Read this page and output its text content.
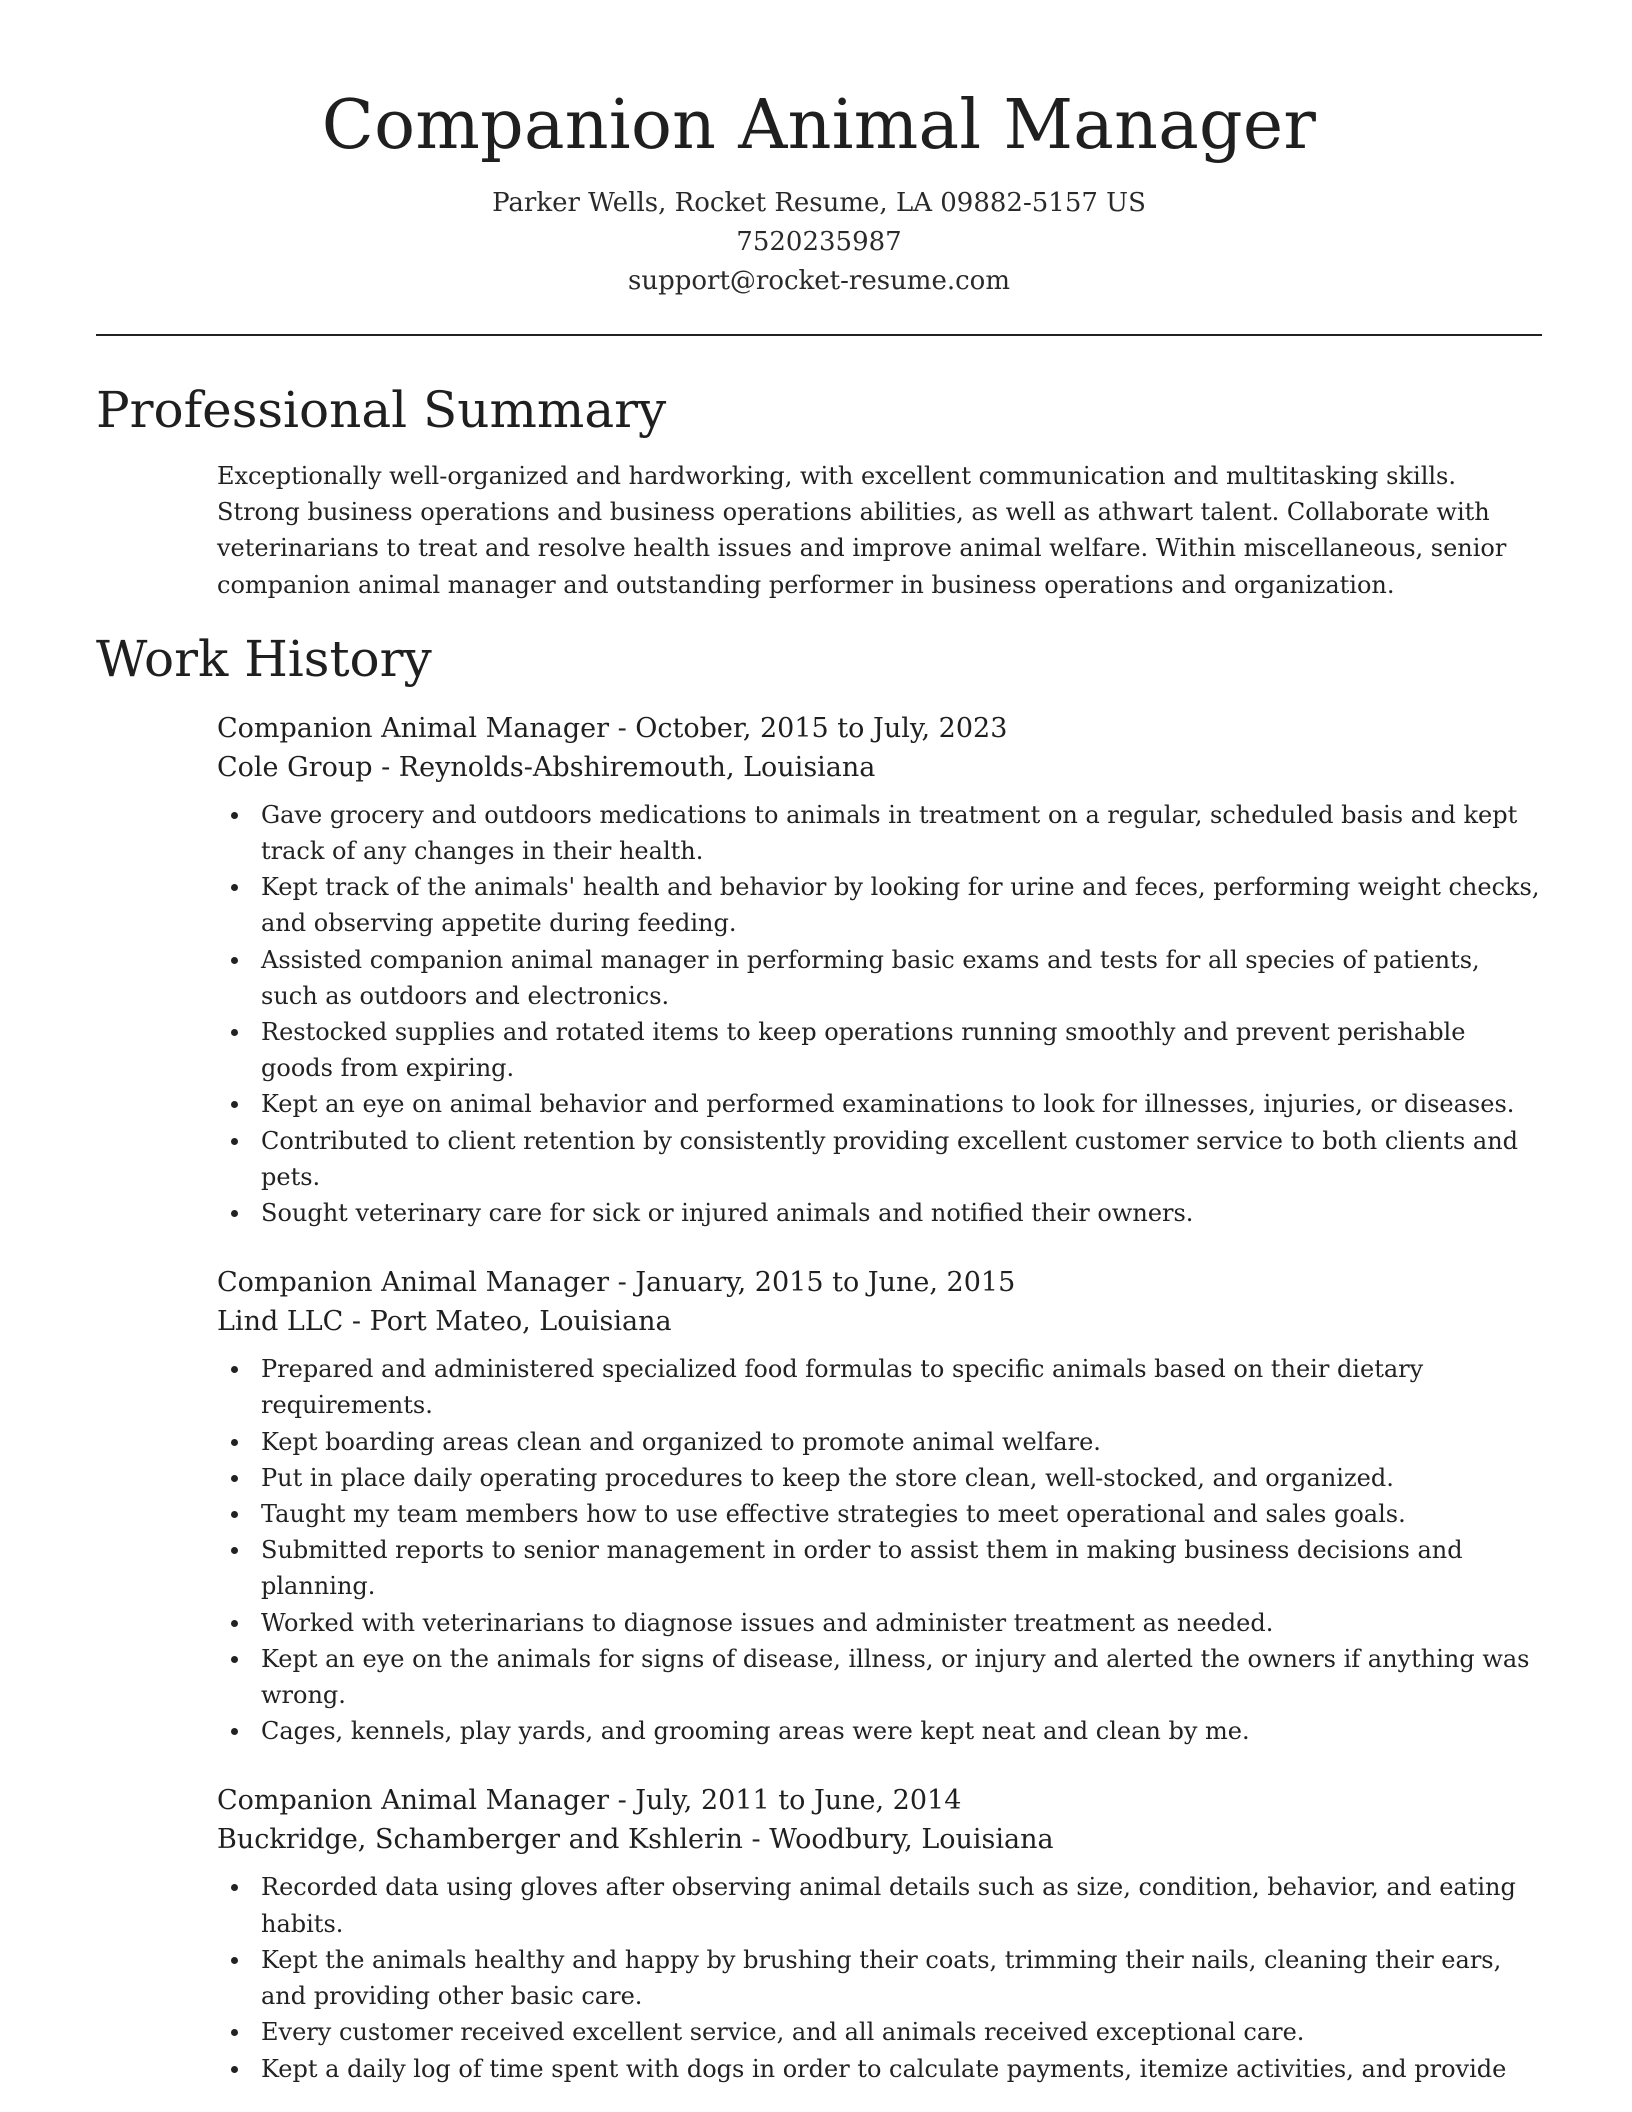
Companion Animal Manager
Parker Wells, Rocket Resume, LA 09882-5157 US
7520235987
support@rocket-resume.com
Professional Summary
Exceptionally well-organized and hardworking, with excellent communication and multitasking skills. Strong business operations and business operations abilities, as well as athwart talent. Collaborate with veterinarians to treat and resolve health issues and improve animal welfare. Within miscellaneous, senior companion animal manager and outstanding performer in business operations and organization.
Work History
Companion Animal Manager - October, 2015 to July, 2023
Cole Group - Reynolds-Abshiremouth, Louisiana
Gave grocery and outdoors medications to animals in treatment on a regular, scheduled basis and kept track of any changes in their health.
Kept track of the animals' health and behavior by looking for urine and feces, performing weight checks, and observing appetite during feeding.
Assisted companion animal manager in performing basic exams and tests for all species of patients, such as outdoors and electronics.
Restocked supplies and rotated items to keep operations running smoothly and prevent perishable goods from expiring.
Kept an eye on animal behavior and performed examinations to look for illnesses, injuries, or diseases.
Contributed to client retention by consistently providing excellent customer service to both clients and pets.
Sought veterinary care for sick or injured animals and notified their owners.
Companion Animal Manager - January, 2015 to June, 2015
Lind LLC - Port Mateo, Louisiana
Prepared and administered specialized food formulas to specific animals based on their dietary requirements.
Kept boarding areas clean and organized to promote animal welfare.
Put in place daily operating procedures to keep the store clean, well-stocked, and organized.
Taught my team members how to use effective strategies to meet operational and sales goals.
Submitted reports to senior management in order to assist them in making business decisions and planning.
Worked with veterinarians to diagnose issues and administer treatment as needed.
Kept an eye on the animals for signs of disease, illness, or injury and alerted the owners if anything was wrong.
Cages, kennels, play yards, and grooming areas were kept neat and clean by me.
Companion Animal Manager - July, 2011 to June, 2014
Buckridge, Schamberger and Kshlerin - Woodbury, Louisiana
Recorded data using gloves after observing animal details such as size, condition, behavior, and eating habits.
Kept the animals healthy and happy by brushing their coats, trimming their nails, cleaning their ears, and providing other basic care.
Every customer received excellent service, and all animals received exceptional care.
Kept a daily log of time spent with dogs in order to calculate payments, itemize activities, and provide
